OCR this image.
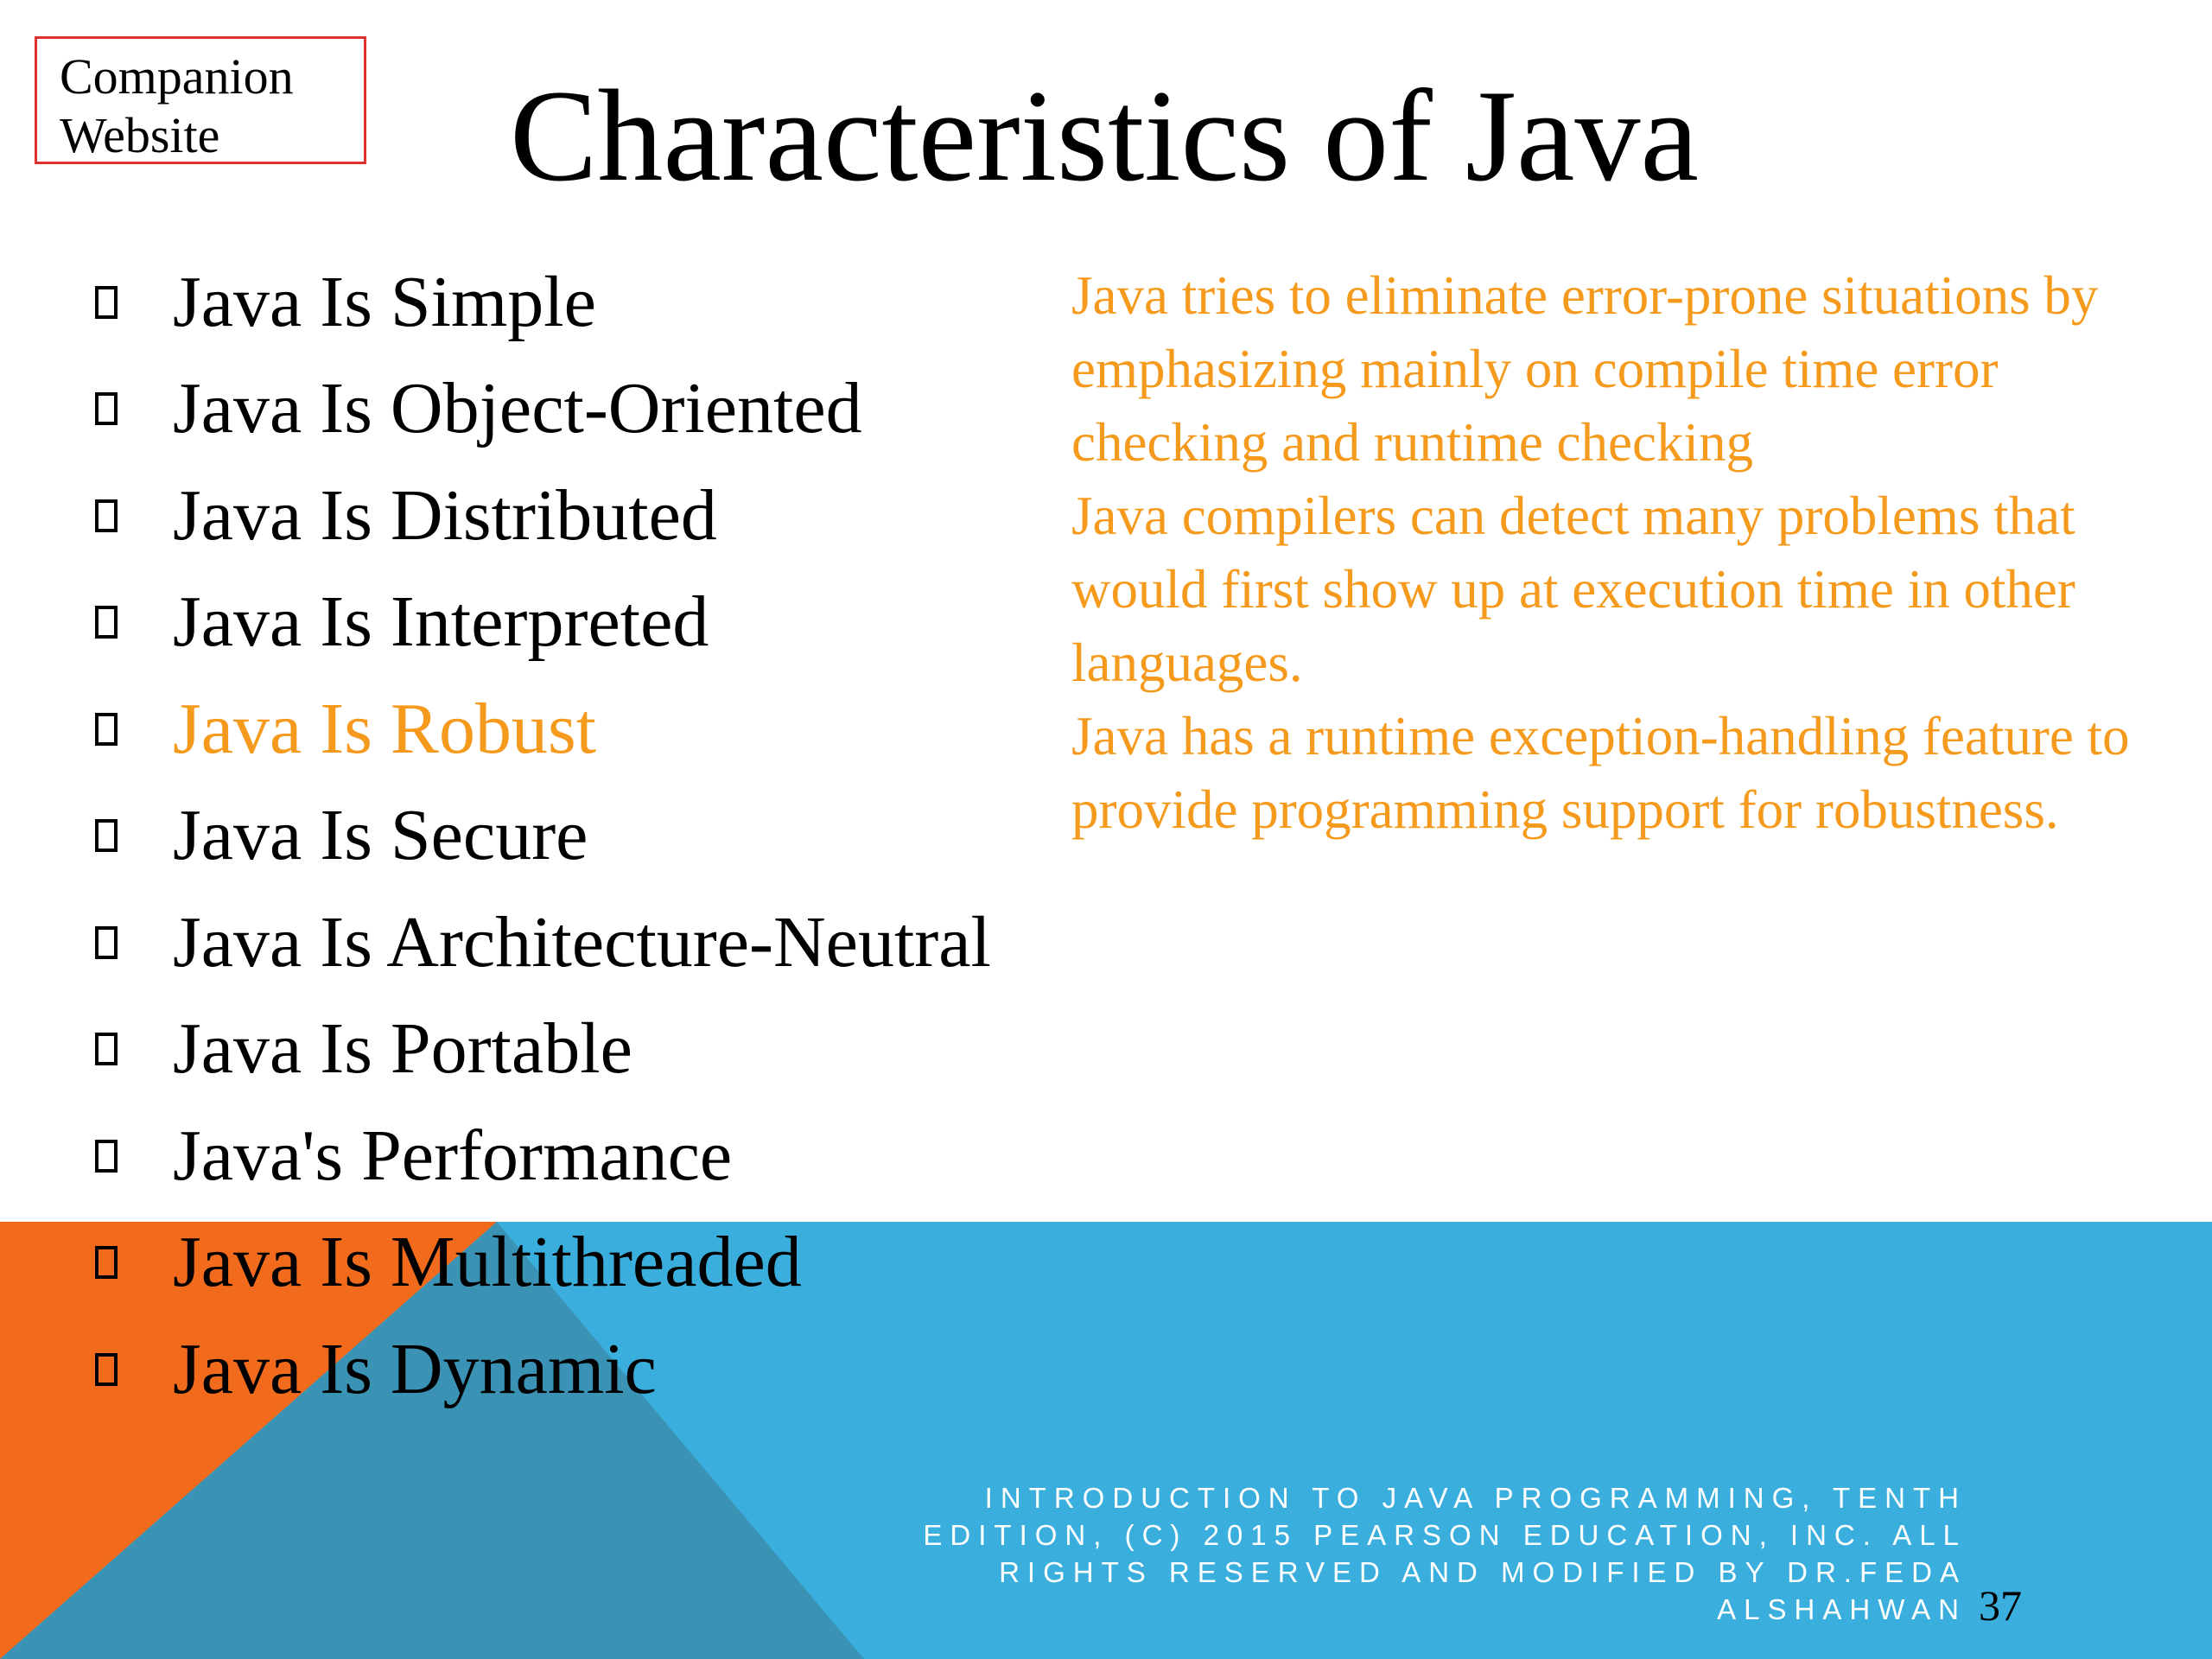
Companion
Website	Characteristics of Java
Java Is Simple
Java Is Object-Oriented
Java Is Distributed
Java Is Interpreted
Java Is Robust
Java Is Secure
Java Is Architecture-Neutral
Java Is Portable
Java's Performance
Java Is Multithreaded
Java Is Dynamic

Java tries to eliminate error-prone situations by emphasizing mainly on compile time error checking and runtime checking

Java compilers can detect many problems that would first show up at execution time in other languages.

Java has a runtime exception-handling feature to provide programming support for robustness.

INTRODUCTION TO JAVA PROGRAMMING, TENTH EDITION, (C) 2015 PEARSON EDUCATION, INC. ALL RIGHTS RESERVED AND MODIFIED BY DR.FEDA ALSHAHWAN 37
